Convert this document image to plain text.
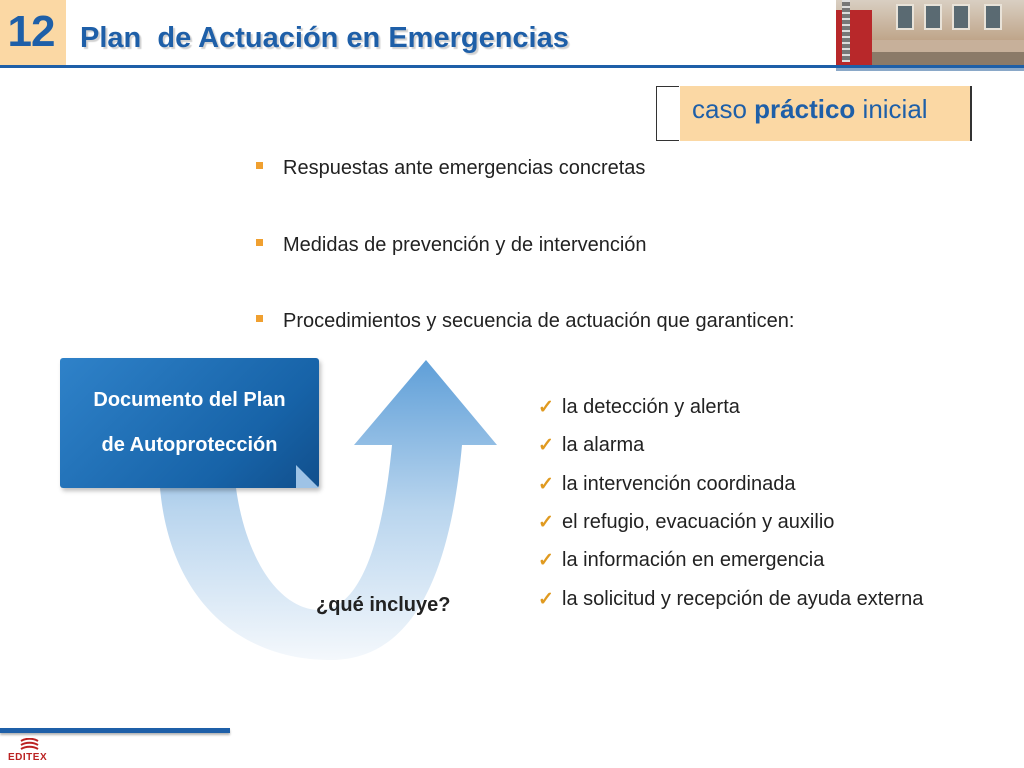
12 Plan  de Actuación en Emergencias
caso práctico inicial
Respuestas ante emergencias concretas
Medidas de prevención y de intervención
Procedimientos y secuencia de actuación que garanticen:
Documento del Plan
de Autoprotección
¿qué incluye?
✓ la detección y alerta
✓ la alarma
✓ la intervención coordinada
✓ el refugio, evacuación y auxilio
✓ la información en emergencia
✓ la solicitud y recepción de ayuda externa
EDITEX
